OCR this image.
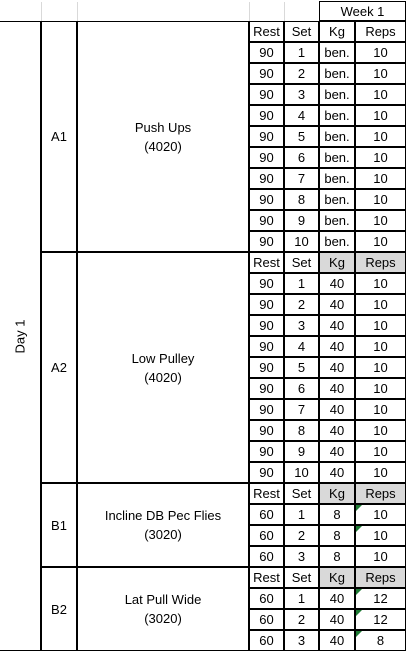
Week 1
Day 1
A1
Push Ups
(4020)
Rest Set	Kg	Reps
90	1	ben.	10
90	2	ben.	10
90	3	ben.	10
90	4	ben.	10
90	5	ben.	10
90	6	ben.	10
90	7	ben.	10
90	8	ben.	10
90	9	ben.	10
90	10	ben.	10
A2
Low Pulley
(4020)
Rest Set	Kg	Reps
90	1	40	10
90	2	40	10
90	3	40	10
90	4	40	10
90	5	40	10
90	6	40	10
90	7	40	10
90	8	40	10
90	9	40	10
90	10	40	10
B1
Incline DB Pec Flies
(3020)
Rest Set	Kg	Reps
60	1	8	10
60	2	8	10
60	3	8	10
B2
Lat Pull Wide
(3020)
Rest Set	Kg	Reps
60	1	40	12
60	2	40	12
60	3	40	8
